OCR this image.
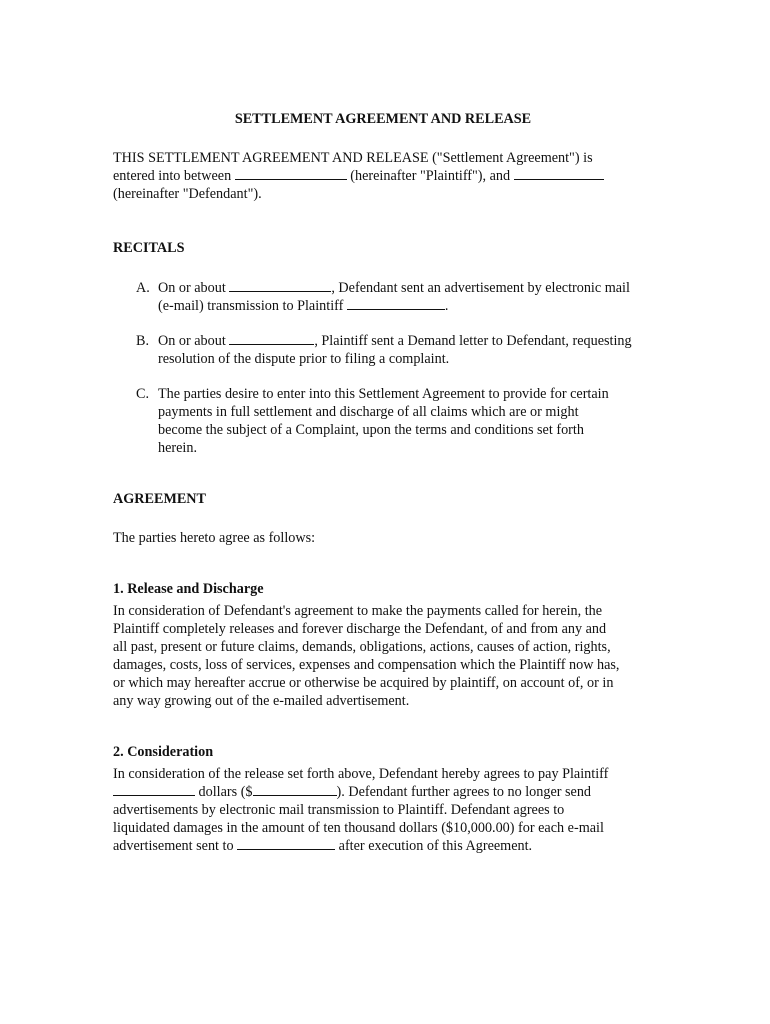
SETTLEMENT AGREEMENT AND RELEASE

THIS SETTLEMENT AGREEMENT AND RELEASE ("Settlement Agreement") is

entered into between	(hereinafter "Plaintiff"), and

(hereinafter "Defendant").

RECITALS

A. On or about	, Defendant sent an advertisement by electronic mail
(e-mail) transmission to Plaintiff	.
B. On or about	, Plaintiff sent a Demand letter to Defendant, requesting
resolution of the dispute prior to filing a complaint.
C. The parties desire to enter into this Settlement Agreement to provide for certain
payments in full settlement and discharge of all claims which are or might
become the subject of a Complaint, upon the terms and conditions set forth
herein.

AGREEMENT

The parties hereto agree as follows:

1. Release and Discharge

In consideration of Defendant's agreement to make the payments called for herein, the
Plaintiff completely releases and forever discharge the Defendant, of and from any and
all past, present or future claims, demands, obligations, actions, causes of action, rights,
damages, costs, loss of services, expenses and compensation which the Plaintiff now has,
or which may hereafter accrue or otherwise be acquired by plaintiff, on account of, or in
any way growing out of the e-mailed advertisement.

2. Consideration

In consideration of the release set forth above, Defendant hereby agrees to pay Plaintiff
dollars ($	). Defendant further agrees to no longer send
advertisements by electronic mail transmission to Plaintiff. Defendant agrees to
liquidated damages in the amount of ten thousand dollars ($10,000.00) for each e-mail
advertisement sent to	after execution of this Agreement.
